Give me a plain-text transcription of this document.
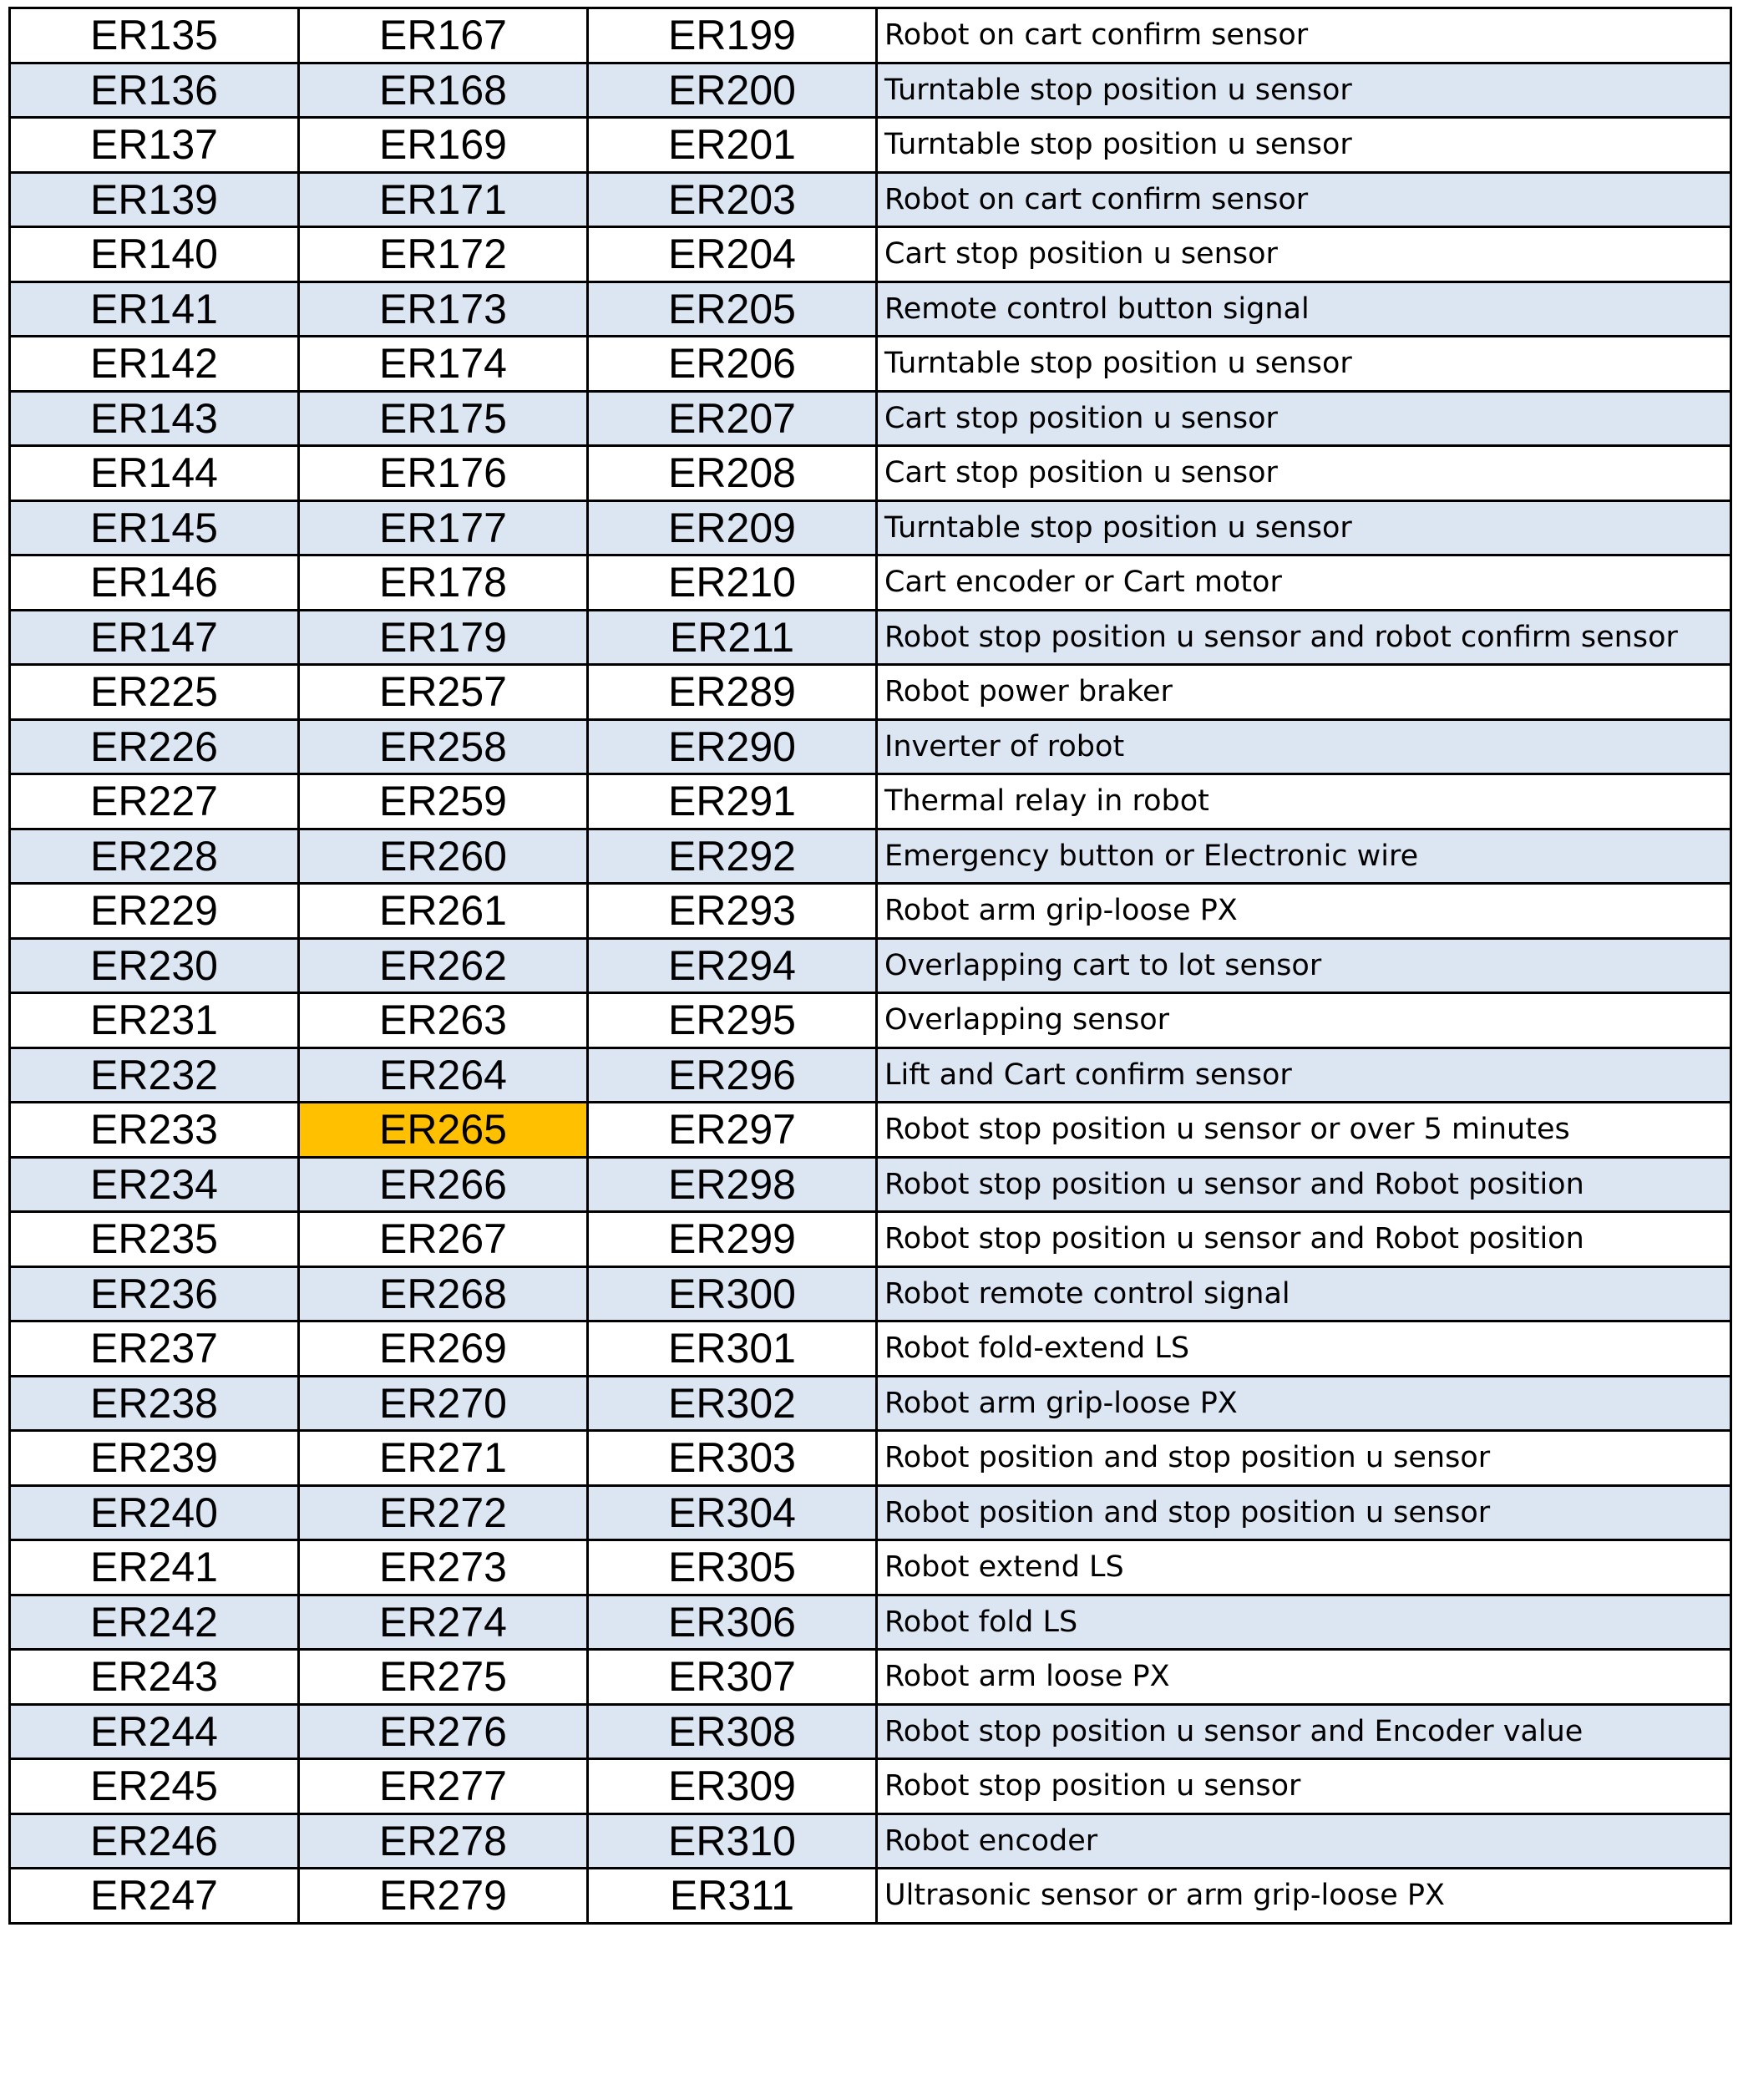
ER135	ER167	ER199	Robot on cart confirm sensor
ER136	ER168	ER200	Turntable stop position u sensor
ER137	ER169	ER201	Turntable stop position u sensor
ER139	ER171	ER203	Robot on cart confirm sensor
ER140	ER172	ER204	Cart stop position u sensor
ER141	ER173	ER205	Remote control button signal
ER142	ER174	ER206	Turntable stop position u sensor
ER143	ER175	ER207	Cart stop position u sensor
ER144	ER176	ER208	Cart stop position u sensor
ER145	ER177	ER209	Turntable stop position u sensor
ER146	ER178	ER210	Cart encoder or Cart motor
ER147	ER179	ER211	Robot stop position u sensor and robot confirm sensor
ER225	ER257	ER289	Robot power braker
ER226	ER258	ER290	Inverter of robot
ER227	ER259	ER291	Thermal relay in robot
ER228	ER260	ER292	Emergency button or Electronic wire
ER229	ER261	ER293	Robot arm grip-loose PX
ER230	ER262	ER294	Overlapping cart to lot sensor
ER231	ER263	ER295	Overlapping sensor
ER232	ER264	ER296	Lift and Cart confirm sensor
ER233	ER265	ER297	Robot stop position u sensor or over 5 minutes
ER234	ER266	ER298	Robot stop position u sensor and Robot position
ER235	ER267	ER299	Robot stop position u sensor and Robot position
ER236	ER268	ER300	Robot remote control signal
ER237	ER269	ER301	Robot fold-extend LS
ER238	ER270	ER302	Robot arm grip-loose PX
ER239	ER271	ER303	Robot position and stop position u sensor
ER240	ER272	ER304	Robot position and stop position u sensor
ER241	ER273	ER305	Robot extend LS
ER242	ER274	ER306	Robot fold LS
ER243	ER275	ER307	Robot arm loose PX
ER244	ER276	ER308	Robot stop position u sensor and Encoder value
ER245	ER277	ER309	Robot stop position u sensor
ER246	ER278	ER310	Robot encoder
ER247	ER279	ER311	Ultrasonic sensor or arm grip-loose PX
